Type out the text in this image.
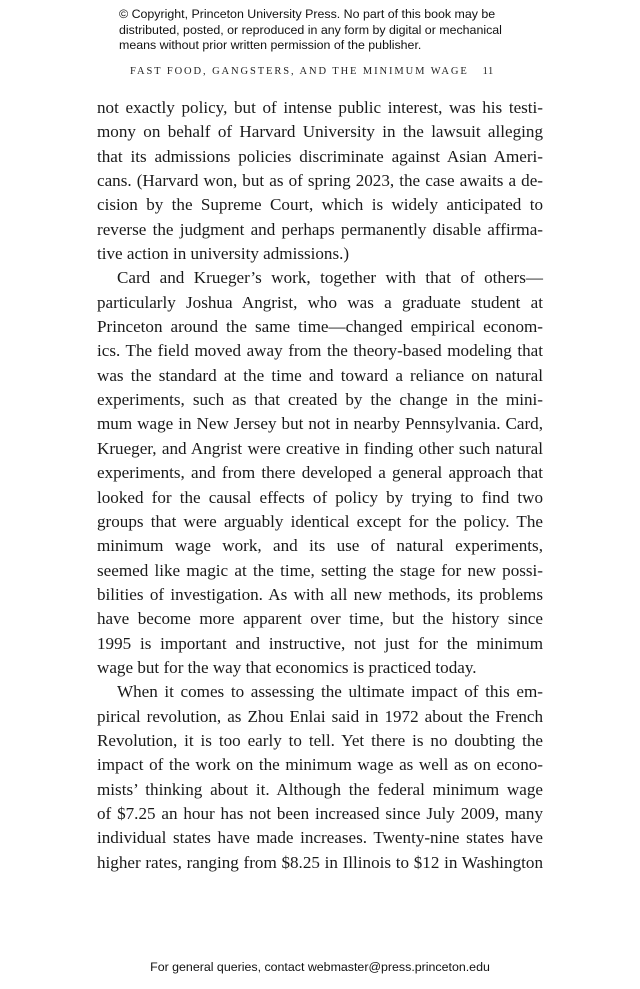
© Copyright, Princeton University Press. No part of this book may be

distributed, posted, or reproduced in any form by digital or mechanical

means without prior written permission of the publisher.

FAST FOOD, GANGSTERS, AND THE MINIMUM WAGE 11
not exactly policy, but of intense public interest, was his testi-
mony on behalf of Harvard University in the lawsuit alleging
that its admissions policies discriminate against Asian Ameri-
cans. (Harvard won, but as of spring 2023, the case awaits a de-
cision by the Supreme Court, which is widely anticipated to
reverse the judgment and perhaps permanently disable affirma-
tive action in university admissions.)
Card and Krueger’s work, together with that of others—
particularly Joshua Angrist, who was a graduate student at
Princeton around the same time—changed empirical econom-
ics. The field moved away from the theory-based modeling that
was the standard at the time and toward a reliance on natural
experiments, such as that created by the change in the mini-
mum wage in New Jersey but not in nearby Pennsylvania. Card,
Krueger, and Angrist were creative in finding other such natural
experiments, and from there developed a general approach that
looked for the causal effects of policy by trying to find two
groups that were arguably identical except for the policy. The
minimum wage work, and its use of natural experiments,
seemed like magic at the time, setting the stage for new possi-
bilities of investigation. As with all new methods, its problems
have become more apparent over time, but the history since
1995 is important and instructive, not just for the minimum
wage but for the way that economics is practiced today.
When it comes to assessing the ultimate impact of this em-
pirical revolution, as Zhou Enlai said in 1972 about the French
Revolution, it is too early to tell. Yet there is no doubting the
impact of the work on the minimum wage as well as on econo-
mists’ thinking about it. Although the federal minimum wage
of $7.25 an hour has not been increased since July 2009, many
individual states have made increases. Twenty-nine states have
higher rates, ranging from $8.25 in Illinois to $12 in Washington
For general queries, contact webmaster@press.princeton.edu
